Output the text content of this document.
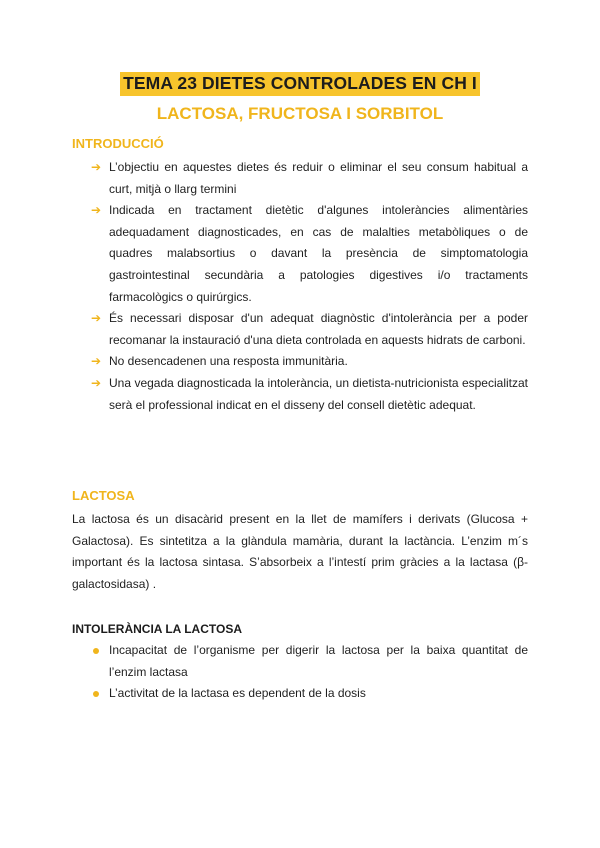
TEMA 23 DIETES CONTROLADES EN CH I
LACTOSA, FRUCTOSA I SORBITOL
INTRODUCCIÓ
➔ L’objectiu en aquestes dietes és reduir o eliminar el seu consum habitual a curt, mitjà o llarg termini
➔ Indicada en tractament dietètic d'algunes intoleràncies alimentàries adequadament diagnosticades, en cas de malalties metabòliques o de quadres malabsortius o davant la presència de simptomatologia gastrointestinal secundària a patologies digestives i/o tractaments farmacològics o quirúrgics.
➔ És necessari disposar d'un adequat diagnòstic d'intolerància per a poder recomanar la instauració d'una dieta controlada en aquests hidrats de carboni.
➔ No desencadenen una resposta immunitària.
➔ Una vegada diagnosticada la intolerància, un dietista-nutricionista especialitzat serà el professional indicat en el disseny del consell dietètic adequat.
LACTOSA

La lactosa és un disacàrid present en la llet de mamífers i derivats (Glucosa + Galactosa). Es sintetitza a la glàndula mamària, durant la lactància. L’enzim m´s important és la lactosa sintasa. S’absorbeix a l’intestí prim gràcies a la lactasa (β-galactosidasa) .

INTOLERÀNCIA LA LACTOSA
Incapacitat de l’organisme per digerir la lactosa per la baixa quantitat de l’enzim lactasa
L’activitat de la lactasa es dependent de la dosis
